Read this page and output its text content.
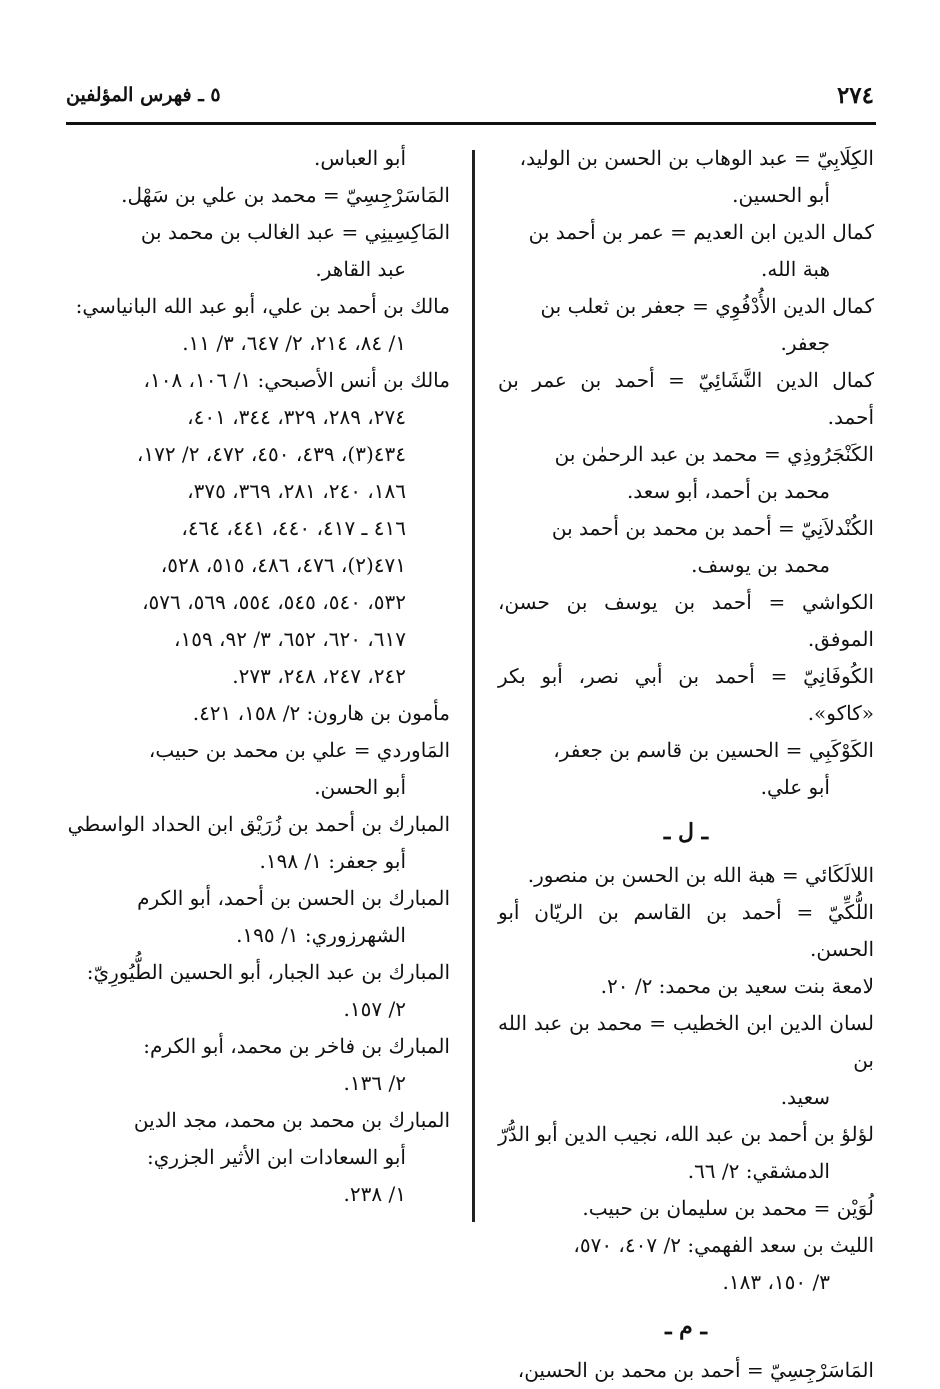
٢٧٤
٥ ـ فهرس المؤلفين
الكِلَابِيّ = عبد الوهاب بن الحسن بن الوليد،
أبو الحسين.
كمال الدين ابن العديم = عمر بن أحمد بن
هبة الله.
كمال الدين الأُدْفُوِي = جعفر بن ثعلب بن
جعفر.
كمال الدين النَّشَائِيّ = أحمد بن عمر بن أحمد.
الكَنْجَرُوذِي = محمد بن عبد الرحمٰن بن
محمد بن أحمد، أبو سعد.
الكُنْدلاَنِيّ = أحمد بن محمد بن أحمد بن
محمد بن يوسف.
الكواشي = أحمد بن يوسف بن حسن، الموفق.
الكُوفَانِيّ = أحمد بن أبي نصر، أبو بكر «كاكو».
الكَوْكَبِي = الحسين بن قاسم بن جعفر،
أبو علي.
ـ ل ـ
اللالَكَائي = هبة الله بن الحسن بن منصور.
اللُّكِّيّ = أحمد بن القاسم بن الريّان أبو الحسن.
لامعة بنت سعيد بن محمد: ٢/ ٢٠.
لسان الدين ابن الخطيب = محمد بن عبد الله بن
سعيد.
لؤلؤ بن أحمد بن عبد الله، نجيب الدين أبو الدُّرّ
الدمشقي: ٢/ ٦٦.
لُوَيْن = محمد بن سليمان بن حبيب.
الليث بن سعد الفهمي: ٢/ ٤٠٧، ٥٧٠،
٣/ ١٥٠، ١٨٣.
ـ م ـ
المَاسَرْجِسِيّ = أحمد بن محمد بن الحسين،
أبو العباس.
المَاسَرْجِسِيّ = محمد بن علي بن سَهْل.
المَاكِسِينِي = عبد الغالب بن محمد بن
عبد القاهر.
مالك بن أحمد بن علي، أبو عبد الله البانياسي:
١/ ٨٤، ٢١٤، ٢/ ٦٤٧، ٣/ ١١.
مالك بن أنس الأصبحي: ١/ ١٠٦، ١٠٨،
٢٧٤، ٢٨٩، ٣٢٩، ٣٤٤، ٤٠١،
٤٣٤(٣)، ٤٣٩، ٤٥٠، ٤٧٢، ٢/ ١٧٢،
١٨٦، ٢٤٠، ٢٨١، ٣٦٩، ٣٧٥،
٤١٦ ـ ٤١٧، ٤٤٠، ٤٤١، ٤٦٤،
٤٧١(٢)، ٤٧٦، ٤٨٦، ٥١٥، ٥٢٨،
٥٣٢، ٥٤٠، ٥٤٥، ٥٥٤، ٥٦٩، ٥٧٦،
٦١٧، ٦٢٠، ٦٥٢، ٣/ ٩٢، ١٥٩،
٢٤٢، ٢٤٧، ٢٤٨، ٢٧٣.
مأمون بن هارون: ٢/ ١٥٨، ٤٢١.
المَاوردي = علي بن محمد بن حبيب،
أبو الحسن.
المبارك بن أحمد بن زُرَيْق ابن الحداد الواسطي
أبو جعفر: ١/ ١٩٨.
المبارك بن الحسن بن أحمد، أبو الكرم
الشهرزوري: ١/ ١٩٥.
المبارك بن عبد الجبار، أبو الحسين الطُّيُورِيّ:
٢/ ١٥٧.
المبارك بن فاخر بن محمد، أبو الكرم:
٢/ ١٣٦.
المبارك بن محمد بن محمد، مجد الدين
أبو السعادات ابن الأثير الجزري:
١/ ٢٣٨.
